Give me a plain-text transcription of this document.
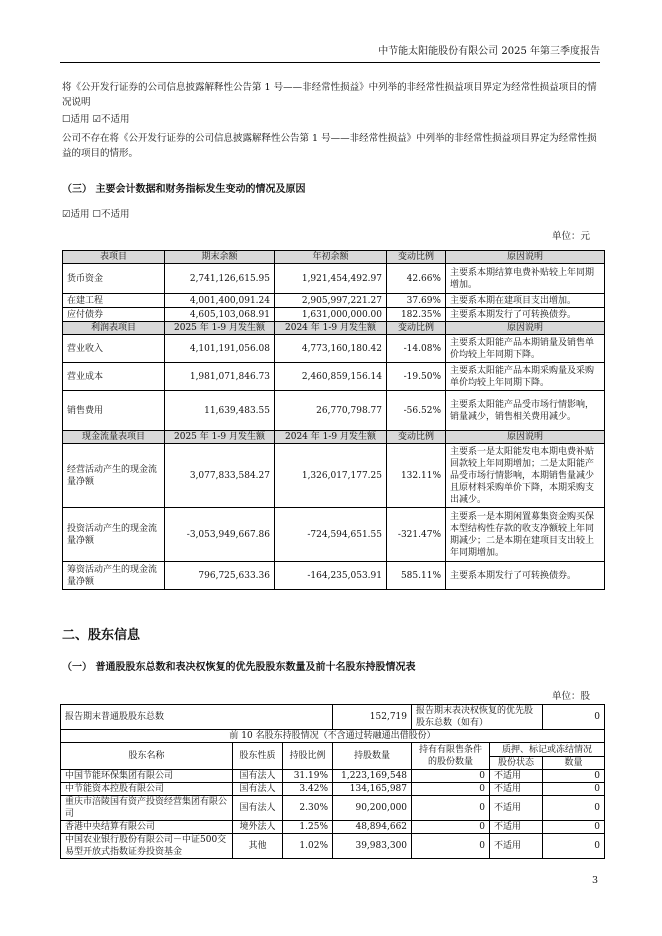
中节能太阳能股份有限公司 2025 年第三季度报告
将《公开发行证券的公司信息披露解释性公告第 1 号——非经常性损益》中列举的非经常性损益项目界定为经常性损益项目的情况说明
☐适用 ☑不适用
公司不存在将《公开发行证券的公司信息披露解释性公告第 1 号——非经常性损益》中列举的非经常性损益项目界定为经常性损益的项目的情形。
（三） 主要会计数据和财务指标发生变动的情况及原因
☑适用 ☐不适用
单位：元
表项目	期末余额	年初余额	变动比例	原因说明
货币资金	2,741,126,615.95	1,921,454,492.97	42.66%	主要系本期结算电费补贴较上年同期增加。
在建工程	4,001,400,091.24	2,905,997,221.27	37.69%	主要系本期在建项目支出增加。
应付债券	4,605,103,068.91	1,631,000,000.00	182.35%	主要系本期发行了可转换债券。
利润表项目	2025 年 1-9 月发生额	2024 年 1-9 月发生额	变动比例	原因说明
营业收入	4,101,191,056.08	4,773,160,180.42	-14.08%	主要系太阳能产品本期销量及销售单价均较上年同期下降。
营业成本	1,981,071,846.73	2,460,859,156.14	-19.50%	主要系太阳能产品本期采购量及采购单价均较上年同期下降。
销售费用	11,639,483.55	26,770,798.77	-56.52%	主要系太阳能产品受市场行情影响，销量减少，销售相关费用减少。
现金流量表项目	2025 年 1-9 月发生额	2024 年 1-9 月发生额	变动比例	原因说明
经营活动产生的现金流量净额	3,077,833,584.27	1,326,017,177.25	132.11%	主要系一是太阳能发电本期电费补贴回款较上年同期增加；二是太阳能产品受市场行情影响，本期销售量减少且原材料采购单价下降，本期采购支出减少。
投资活动产生的现金流量净额	-3,053,949,667.86	-724,594,651.55	-321.47%	主要系一是本期闲置募集资金购买保本型结构性存款的收支净额较上年同期减少；二是本期在建项目支出较上年同期增加。
筹资活动产生的现金流量净额	796,725,633.36	-164,235,053.91	585.11%	主要系本期发行了可转换债券。
二、股东信息
（一） 普通股股东总数和表决权恢复的优先股股东数量及前十名股东持股情况表
单位：股
报告期末普通股股东总数			152,719	报告期末表决权恢复的优先股股东总数（如有）		0
前 10 名股东持股情况（不含通过转融通出借股份）						
股东名称	股东性质	持股比例	持股数量	持有有限售条件的股份数量	质押、标记或冻结情况	
					股份状态	数量
中国节能环保集团有限公司	国有法人	31.19%	1,223,169,548	0	不适用	0
中节能资本控股有限公司	国有法人	3.42%	134,165,987	0	不适用	0
重庆市涪陵国有资产投资经营集团有限公司	国有法人	2.30%	90,200,000	0	不适用	0
香港中央结算有限公司	境外法人	1.25%	48,894,662	0	不适用	0
中国农业银行股份有限公司－中证500交易型开放式指数证券投资基金	其他	1.02%	39,983,300	0	不适用	0
3
